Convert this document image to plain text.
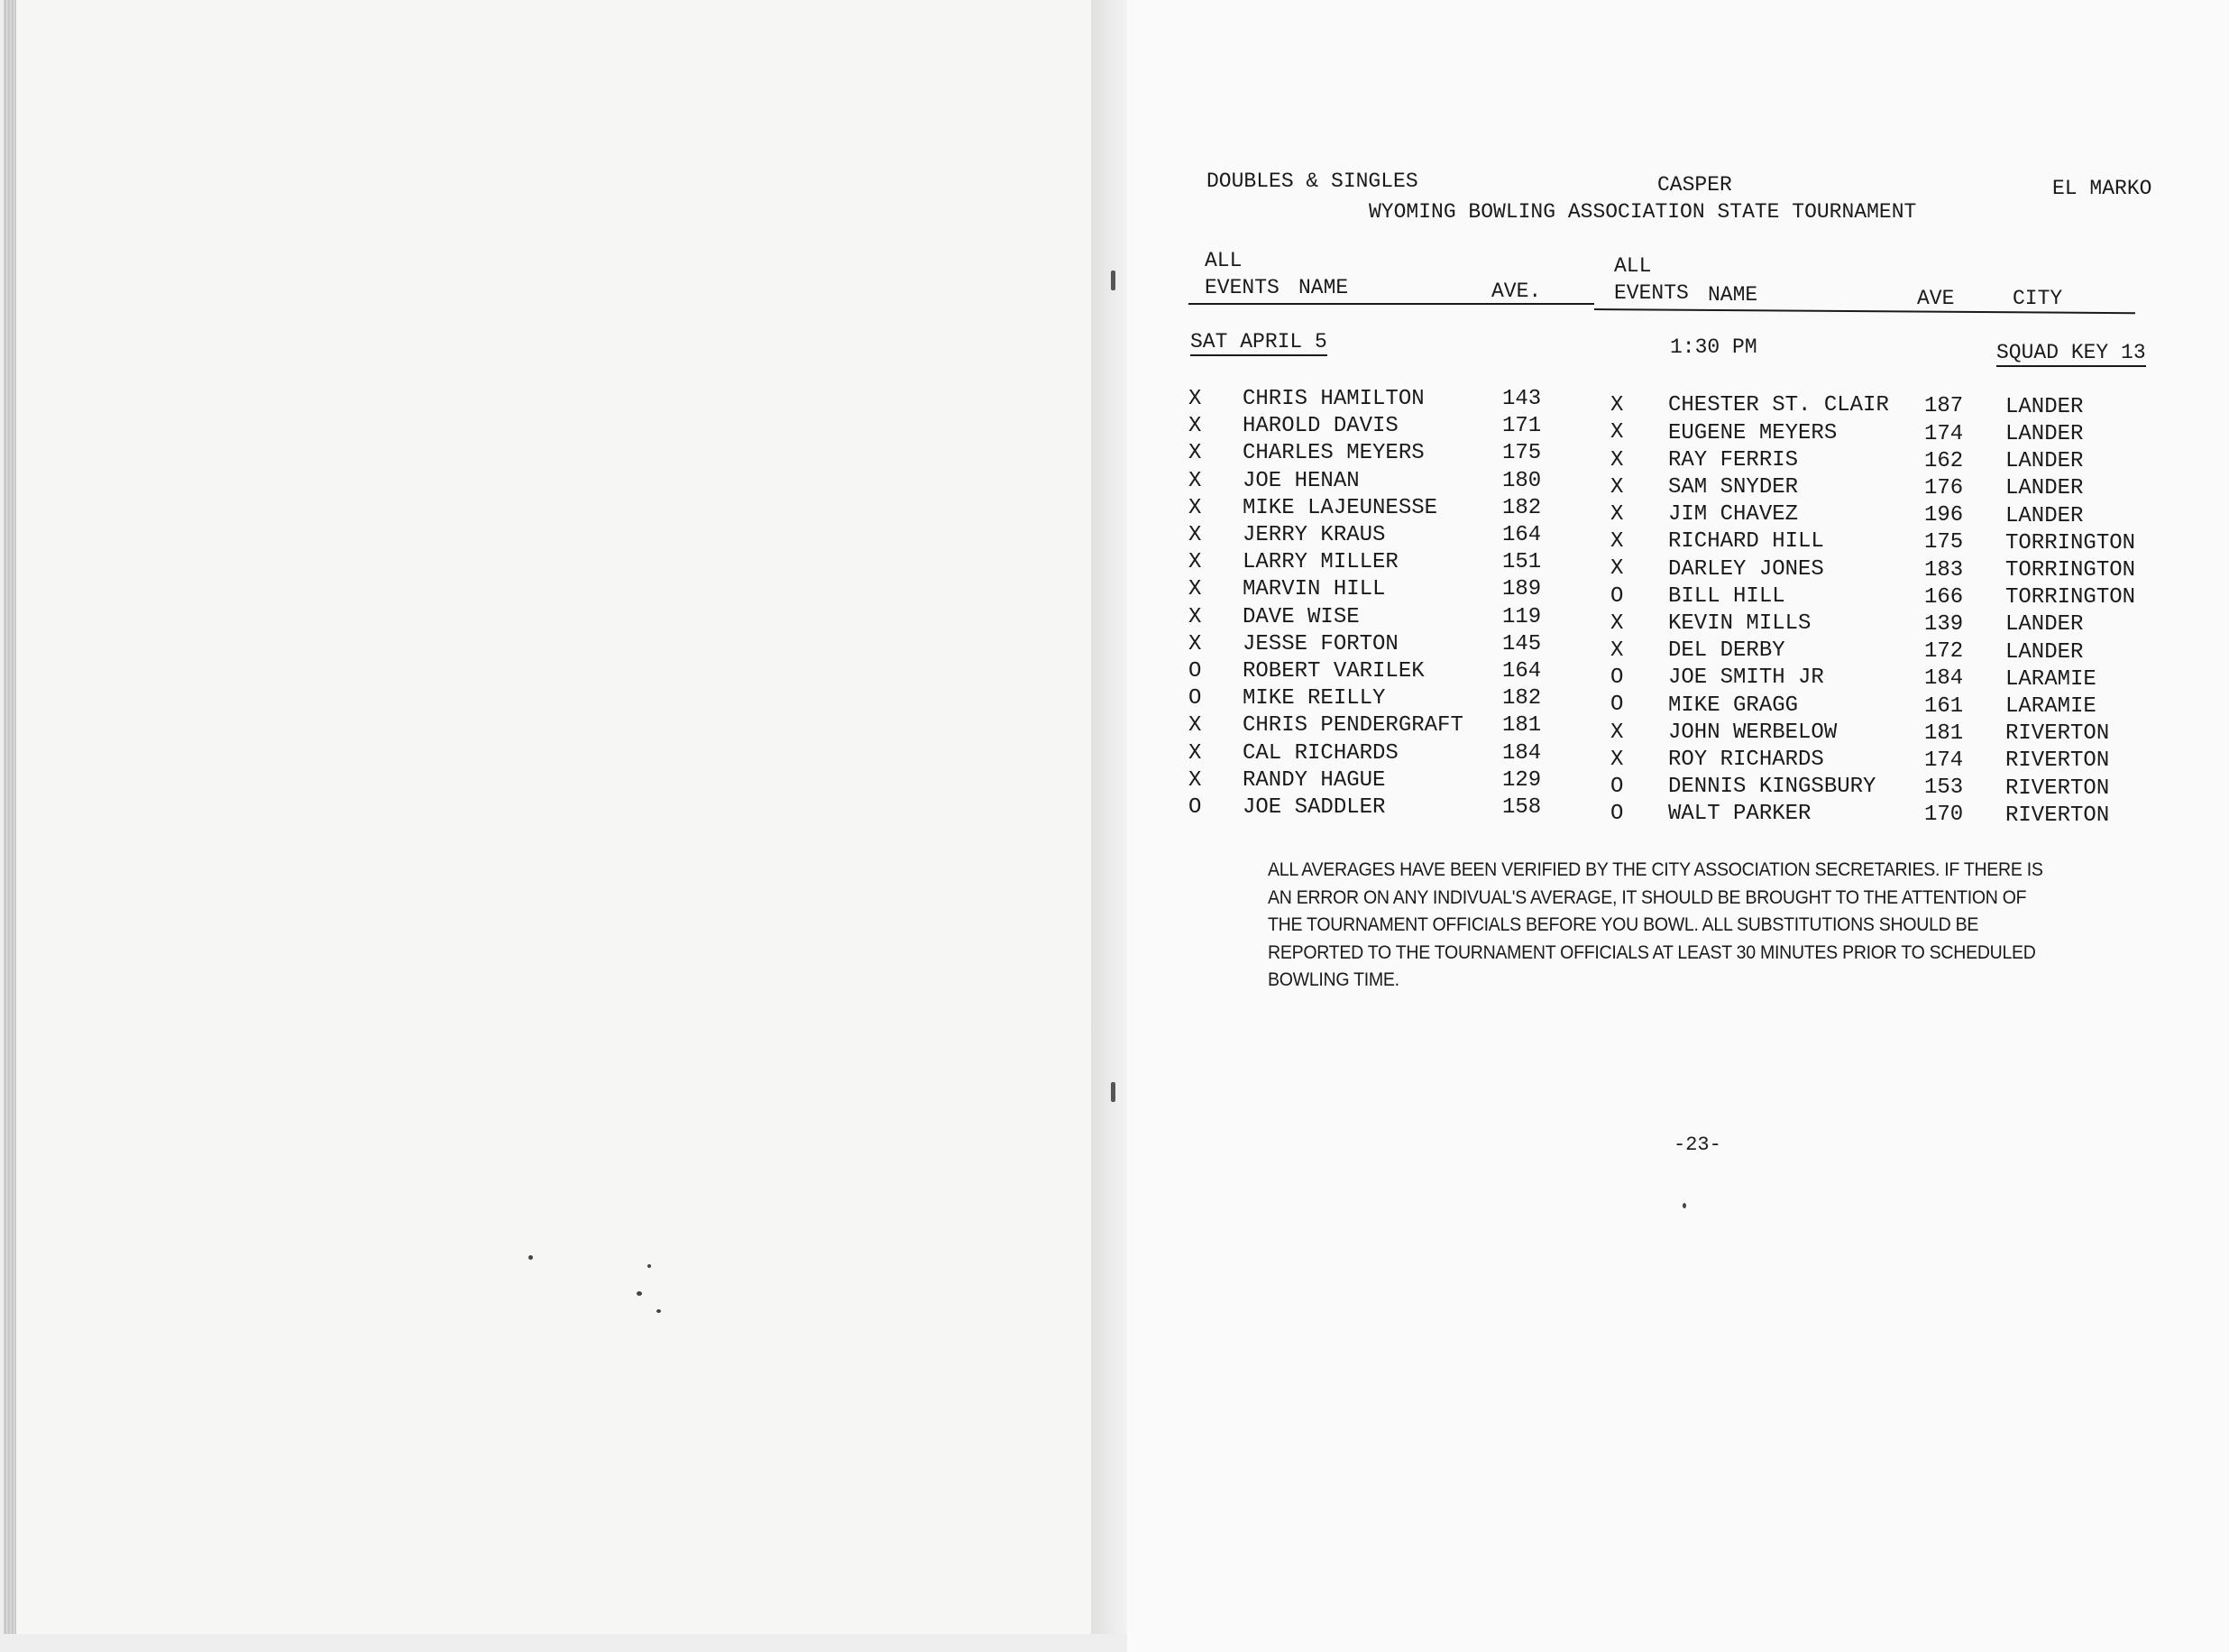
DOUBLES & SINGLES	CASPER	EL MARKO
WYOMING BOWLING ASSOCIATION STATE TOURNAMENT
ALL
EVENTS NAME	AVE.
ALL
EVENTS NAME	AVE	CITY
SAT APRIL 5	1:30 PM	SQUAD KEY 13
X CHRIS HAMILTON	143	X CHESTER ST. CLAIR 187 LANDER
X HAROLD DAVIS	171	X EUGENE MEYERS	174 LANDER
X CHARLES MEYERS	175	X RAY FERRIS	162 LANDER
X JOE HENAN	180	X SAM SNYDER	176 LANDER
X MIKE LAJEUNESSE	182	X JIM CHAVEZ	196 LANDER
X JERRY KRAUS	164	X RICHARD HILL	175 TORRINGTON
X LARRY MILLER	151	X DARLEY JONES	183 TORRINGTON
X MARVIN HILL	189	O BILL HILL	166 TORRINGTON
X DAVE WISE	119	X KEVIN MILLS	139 LANDER
X JESSE FORTON	145	X DEL DERBY	172 LANDER
O ROBERT VARILEK	164	O JOE SMITH JR	184 LARAMIE
O MIKE REILLY	182	O MIKE GRAGG	161 LARAMIE
X CHRIS PENDERGRAFT 181	X JOHN WERBELOW	181 RIVERTON
X CAL RICHARDS	184	X ROY RICHARDS	174 RIVERTON
X RANDY HAGUE	129	O DENNIS KINGSBURY 153 RIVERTON
O JOE SADDLER	158	O WALT PARKER	170 RIVERTON
ALL AVERAGES HAVE BEEN VERIFIED BY THE CITY ASSOCIATION SECRETARIES. IF THERE IS AN ERROR ON ANY INDIVUAL'S AVERAGE, IT SHOULD BE BROUGHT TO THE ATTENTION OF THE TOURNAMENT OFFICIALS BEFORE YOU BOWL. ALL SUBSTITUTIONS SHOULD BE REPORTED TO THE TOURNAMENT OFFICIALS AT LEAST 30 MINUTES PRIOR TO SCHEDULED BOWLING TIME.
-23-
